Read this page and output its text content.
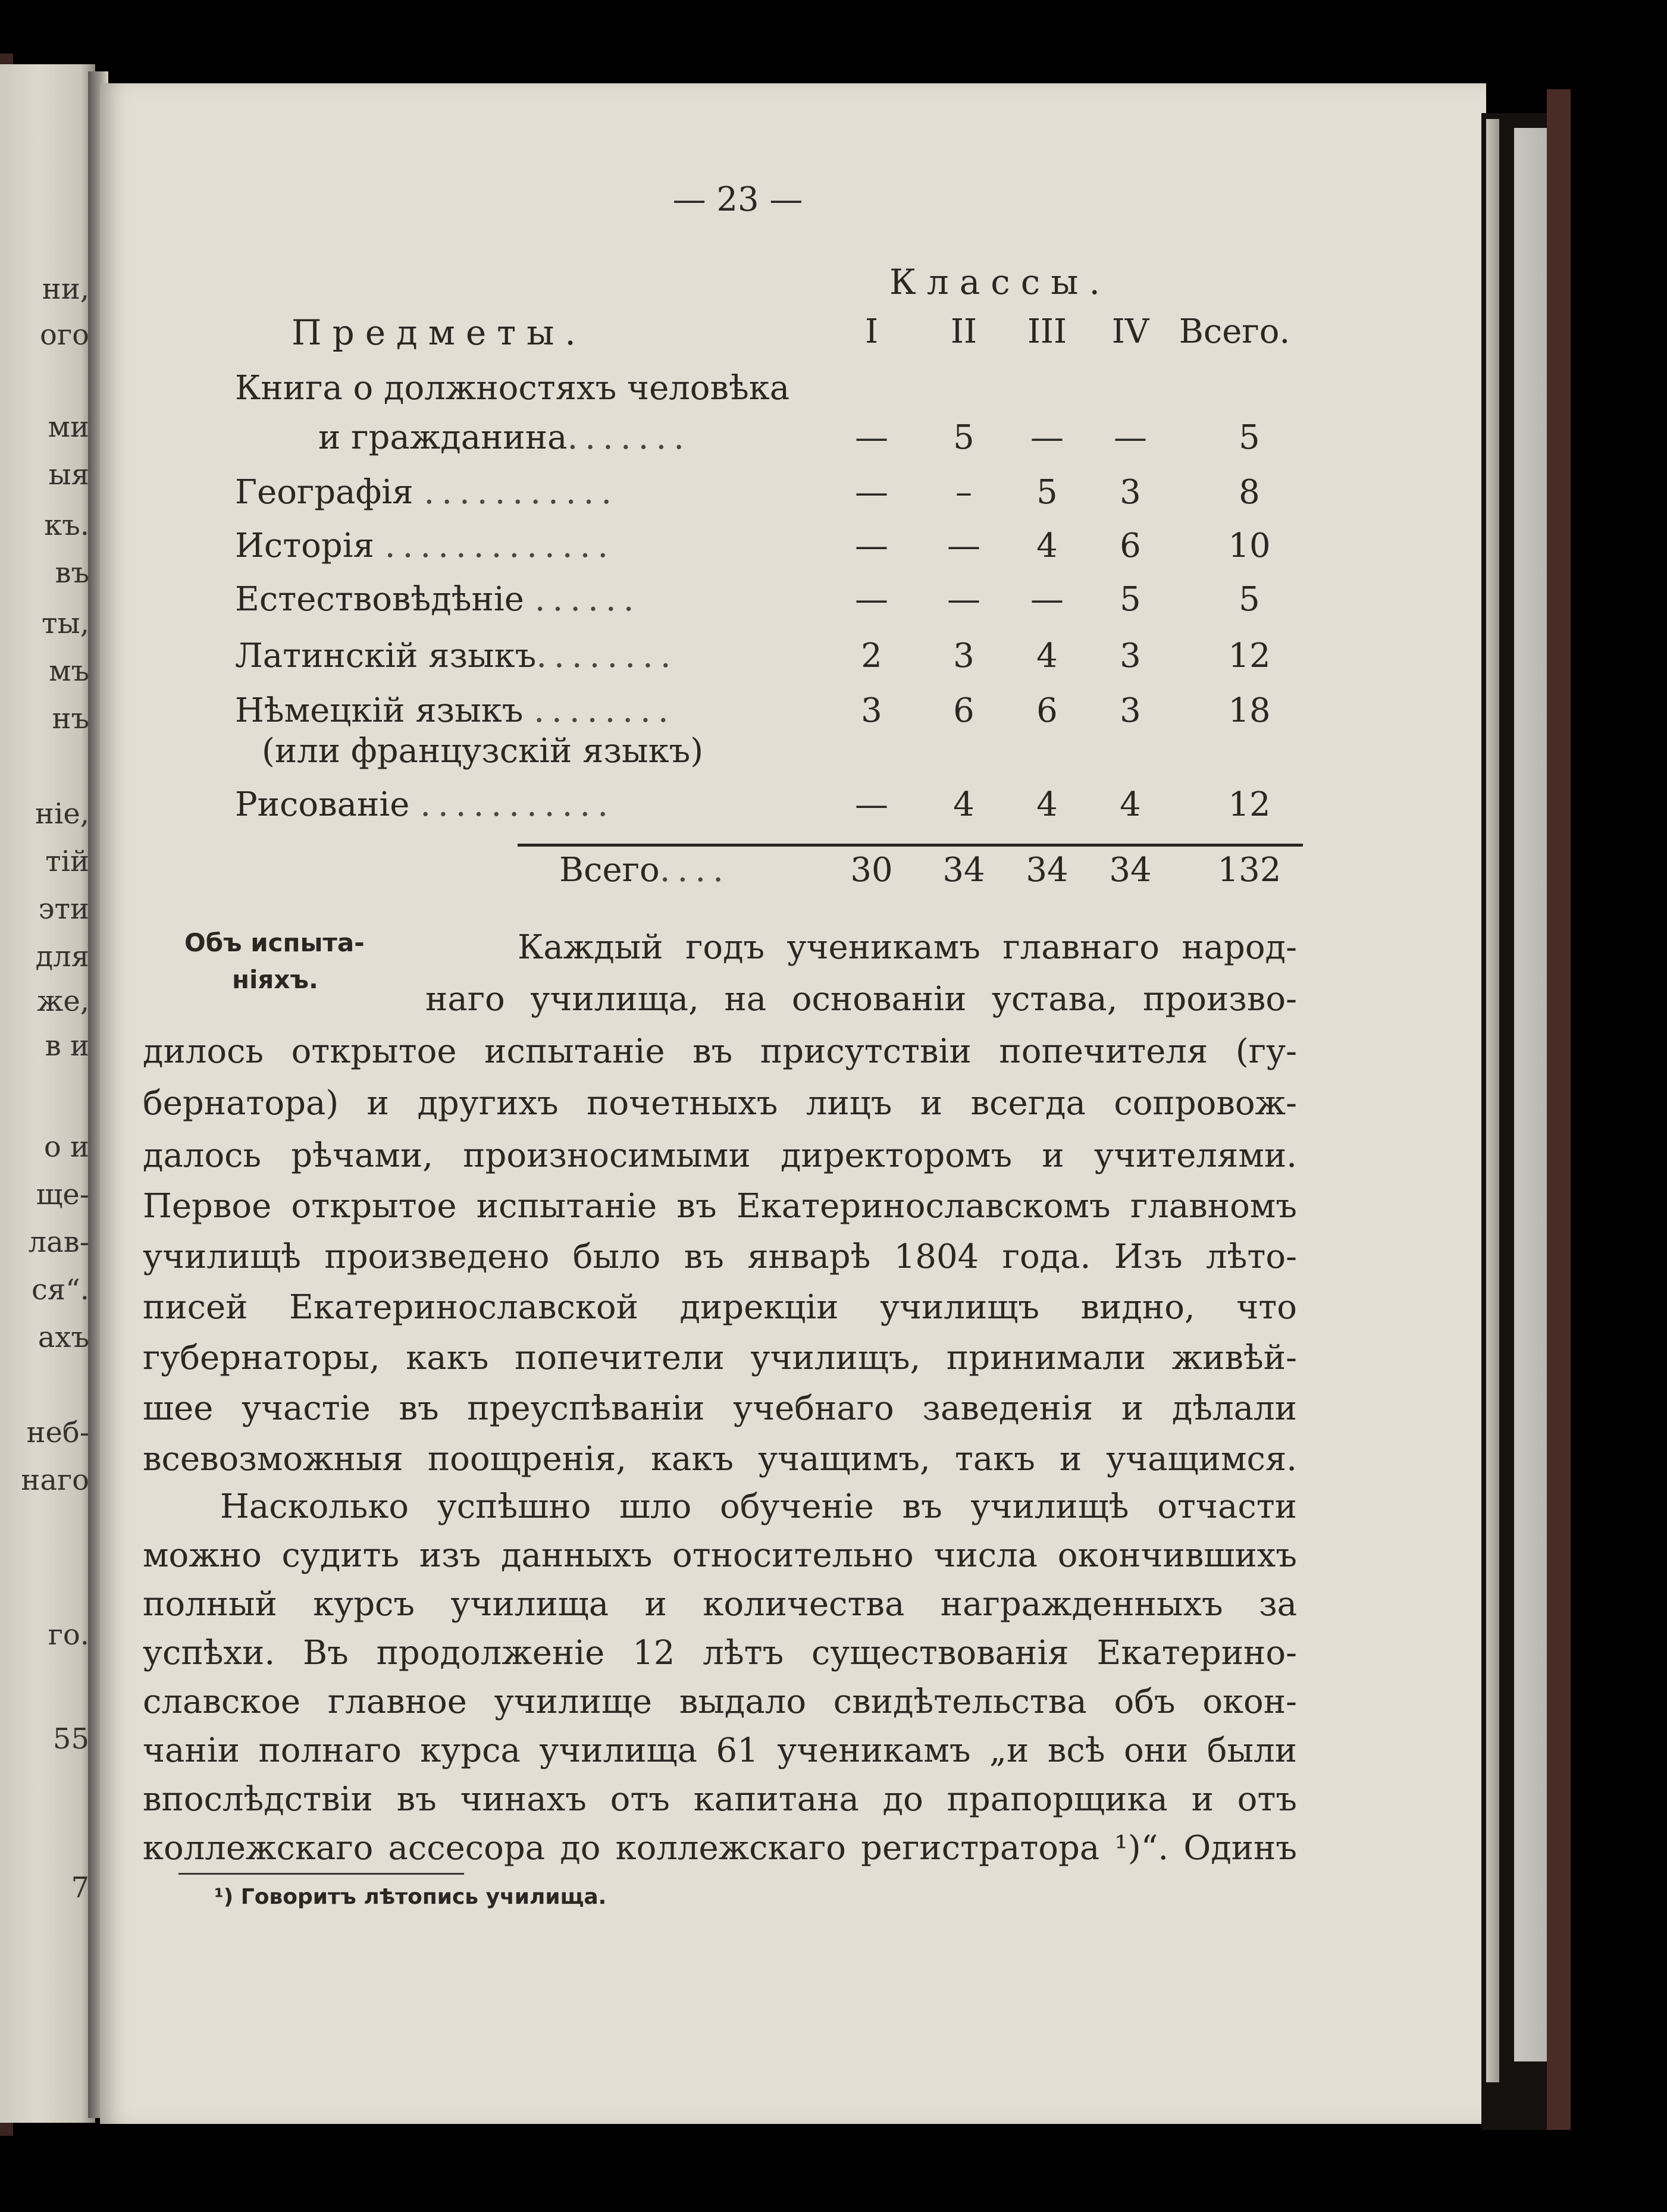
ни,
ого
ми
ыя
къ.
въ
ты,
мъ
нъ
ніе,
тій
эти
для
же,
в и
о и
ще-
лав-
ся“.
ахъ
неб-
наго
го.
55
7
— 23 —
Классы.
Предметы.	I	II	III	IV Всего.
Книга о должностяхъ человѣка
и гражданина.......	—	5	—	—	5
Географія ...........	—	–	5	3	8
Исторія .............	—	—	4	6	10
Естествовѣдѣніе ......	—	—	—	5	5
Латинскій языкъ........	2	3	4	3	12
Нѣмецкій языкъ ........
(или французскій языкъ)
3	6	6	3	18
Рисованіе ...........	—	4	4	4	12
Всего....	30	34	34	34	132
Объ испыта-
ніяхъ.
Каждый годъ ученикамъ главнаго народ-
наго училища, на основаніи устава, произво-
дилось открытое испытаніе въ присутствіи попечителя (гу-
бернатора) и другихъ почетныхъ лицъ и всегда сопровож-
далось рѣчами, произносимыми директоромъ и учителями.
Первое открытое испытаніе въ Екатеринославскомъ главномъ
училищѣ произведено было въ январѣ 1804 года. Изъ лѣто-
писей Екатеринославской дирекціи училищъ видно, что
губернаторы, какъ попечители училищъ, принимали живѣй-
шее участіе въ преуспѣваніи учебнаго заведенія и дѣлали
всевозможныя поощренія, какъ учащимъ, такъ и учащимся.
Насколько успѣшно шло обученіе въ училищѣ отчасти
можно судить изъ данныхъ относительно числа окончившихъ
полный курсъ училища и количества награжденныхъ за
успѣхи. Въ продолженіе 12 лѣтъ существованія Екатерино-
славское главное училище выдало свидѣтельства объ окон-
чаніи полнаго курса училища 61 ученикамъ „и всѣ они были
впослѣдствіи въ чинахъ отъ капитана до прапорщика и отъ
коллежскаго ассесора до коллежскаго регистратора ¹)“. Одинъ
¹) Говоритъ лѣтопись училища.
